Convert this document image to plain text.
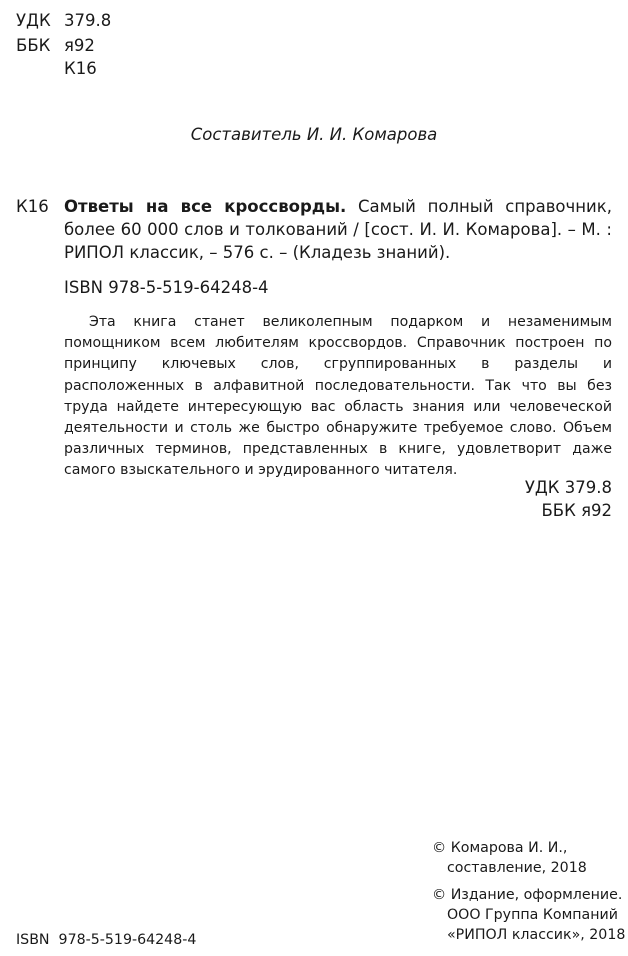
УДК 379.8
ББК я92
К16
Составитель И. И. Комарова
К16 Ответы на все кроссворды. Самый полный справочник, более 60 000 слов и толкований / [сост. И. И. Комарова]. – М. : РИПОЛ классик, – 576 с. – (Кладезь знаний).
ISBN 978-5-519-64248-4
Эта книга станет великолепным подарком и незаменимым помощником всем любителям кроссвордов. Справочник построен по принципу ключевых слов, сгруппированных в разделы и расположенных в алфавитной последовательности. Так что вы без труда найдете интересующую вас область знания или человеческой деятельности и столь же быстро обнаружите требуемое слово. Объем различных терминов, представленных в книге, удовлетворит даже самого взыскательного и эрудированного читателя.
УДК 379.8
ББК я92
© Комарова И. И.,
составление, 2018
© Издание, оформление.
ООО Группа Компаний
«РИПОЛ классик», 2018
ISBN  978-5-519-64248-4
